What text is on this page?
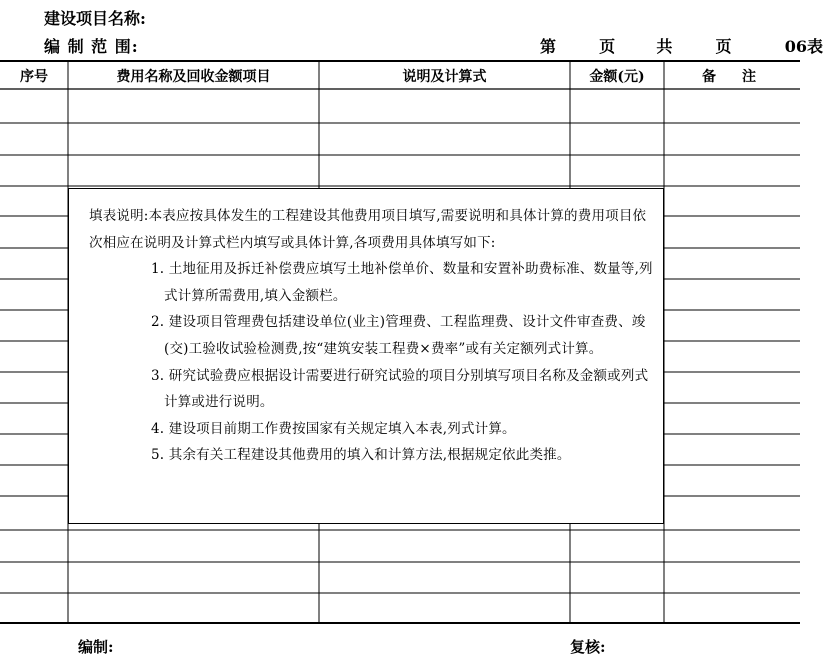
建设项目名称:
编 制 范 围:	第	页	共	页	06表
序号	费用名称及回收金额项目	说明及计算式	金额(元)	备　注

填表说明:本表应按具体发生的工程建设其他费用项目填写,需要说明和具体计算的费用项目依次相应在说明及计算式栏内填写或具体计算,各项费用具体填写如下:

1. 土地征用及拆迁补偿费应填写土地补偿单价、数量和安置补助费标准、数量等,列式计算所需费用,填入金额栏。
2. 建设项目管理费包括建设单位(业主)管理费、工程监理费、设计文件审查费、竣(交)工验收试验检测费,按“建筑安装工程费×费率”或有关定额列式计算。
3. 研究试验费应根据设计需要进行研究试验的项目分别填写项目名称及金额或列式计算或进行说明。
4. 建设项目前期工作费按国家有关规定填入本表,列式计算。
5. 其余有关工程建设其他费用的填入和计算方法,根据规定依此类推。
编制:	复核:
